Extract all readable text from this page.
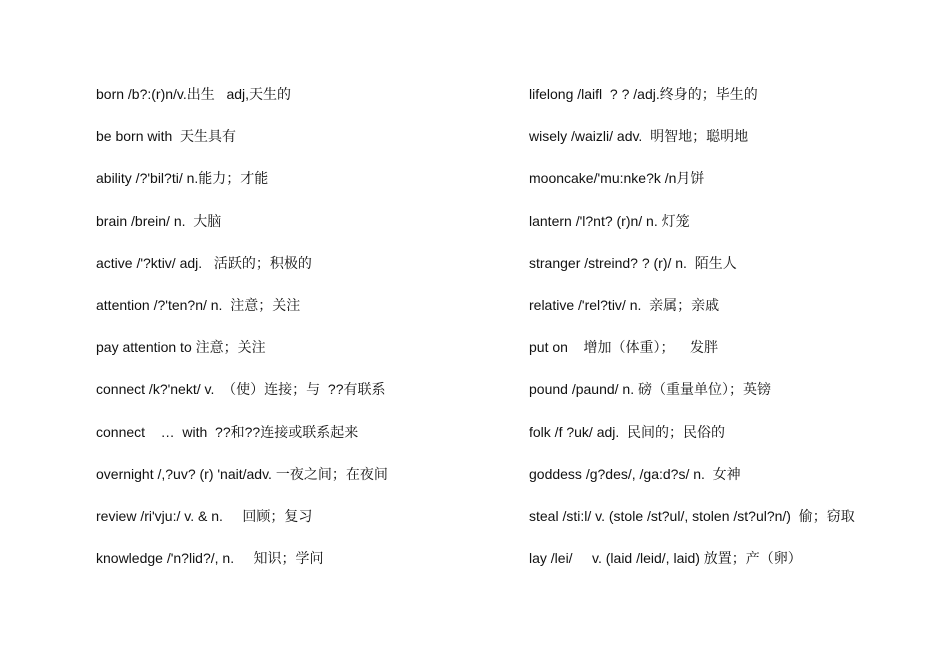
born /b?:(r)n/v.出生   adj,天生的
be born with  天生具有
ability /?'bil?ti/ n.能力；才能
brain /brein/ n.  大脑
active /'?ktiv/ adj.   活跃的；积极的
attention /?'ten?n/ n.  注意；关注
pay attention to 注意；关注
connect /k?'nekt/ v.  （使）连接；与  ??有联系
connect    …  with  ??和??连接或联系起来
overnight /,?uv? (r) 'nait/adv. 一夜之间；在夜间
review /ri'vju:/ v. & n.     回顾；复习
knowledge /'n?lid?/, n.     知识；学问
lifelong /laifl  ? ? /adj.终身的；毕生的
wisely /waizli/ adv.  明智地；聪明地
mooncake/'mu:nke?k /n月饼
lantern /'l?nt? (r)n/ n. 灯笼
stranger /streind? ? (r)/ n.  陌生人
relative /'rel?tiv/ n.  亲属；亲戚
put on    增加（体重）；    发胖
pound /paund/ n. 磅（重量单位）；英镑
folk /f ?uk/ adj.  民间的；民俗的
goddess /g?des/, /ga:d?s/ n.  女神
steal /sti:l/ v. (stole /st?ul/, stolen /st?ul?n/)  偷；窃取
lay /lei/     v. (laid /leid/, laid) 放置；产（卵）
